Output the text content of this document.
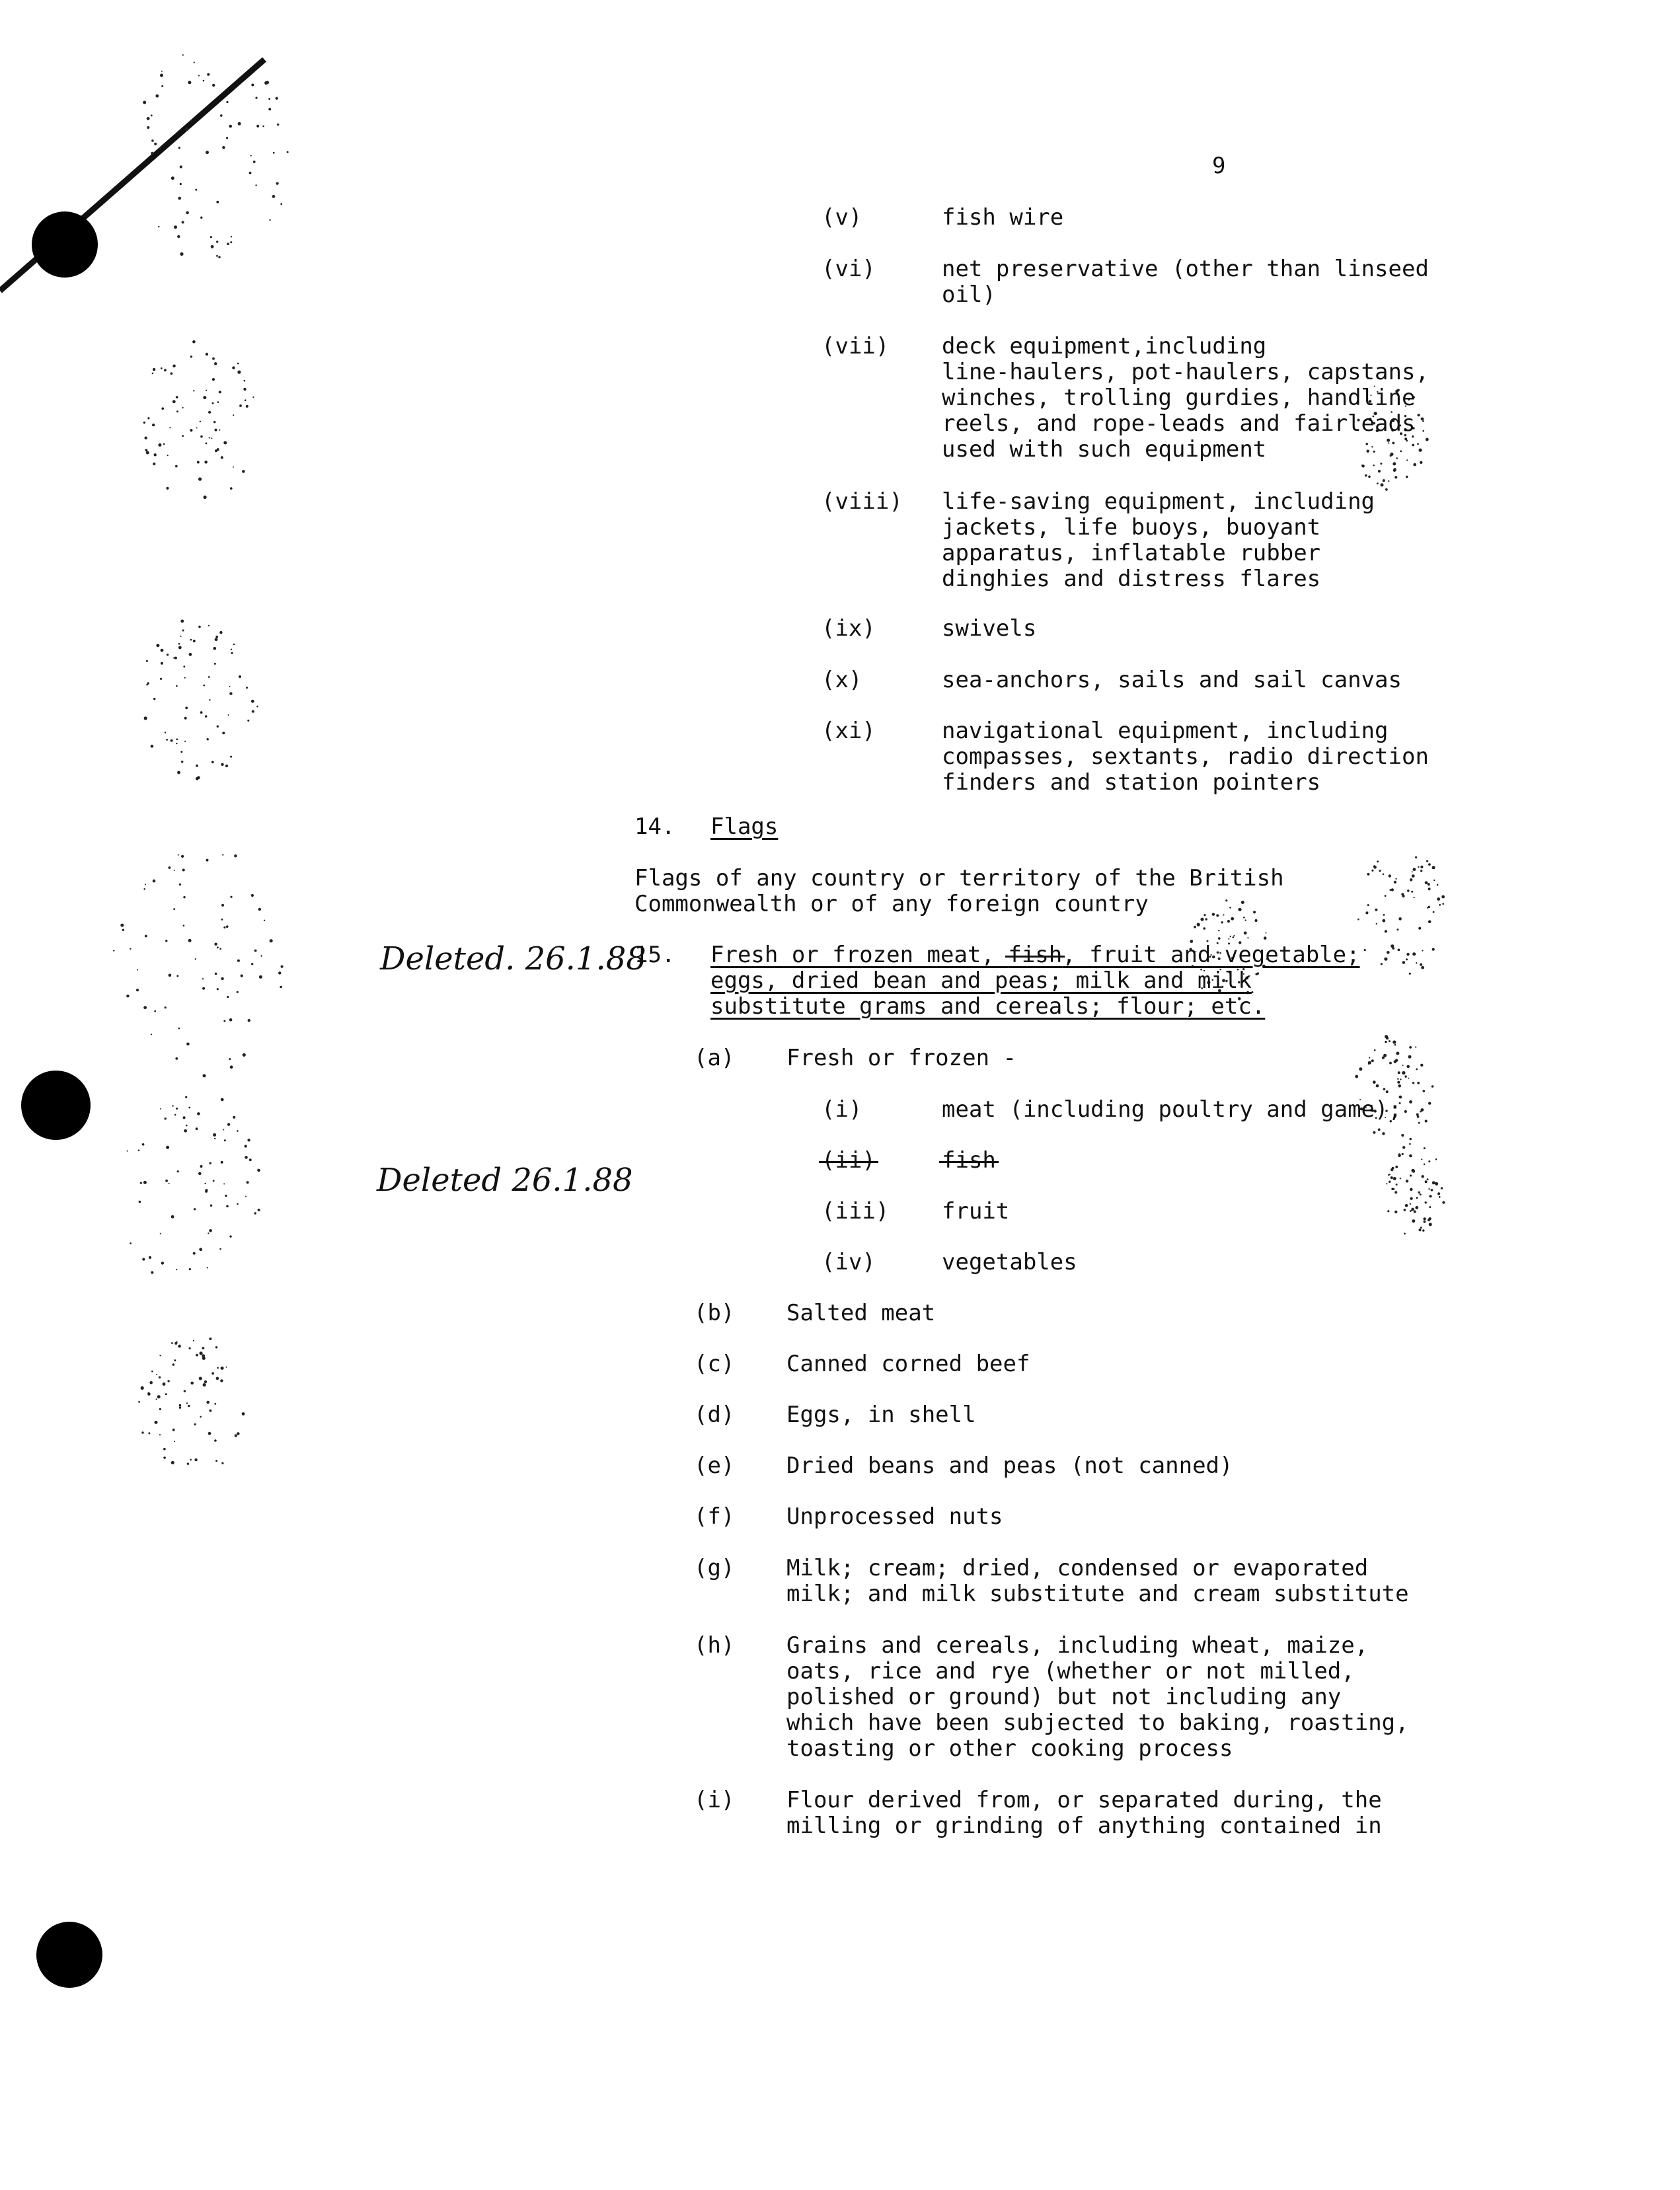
9
(v)	fish wire
(vi)	net preservative (other than linseed
oil)
(vii) deck equipment,including
line-haulers, pot-haulers, capstans,
winches, trolling gurdies, handline
reels, and rope-leads and fairleads
used with such equipment
(viii) life-saving equipment, including
jackets, life buoys, buoyant
apparatus, inflatable rubber
dinghies and distress flares
(ix)	swivels
(x)	sea-anchors, sails and sail canvas
(xi)	navigational equipment, including
compasses, sextants, radio direction
finders and station pointers
14. Flags
Flags of any country or territory of the British
Commonwealth or of any foreign country
Deleted. 26.1.88
Deleted 26.1.88
15. Fresh or frozen meat, fish, fruit and vegetable;
eggs, dried bean and peas; milk and milk
substitute grams and cereals; flour; etc.
(a) Fresh or frozen -
(i)	meat (including poultry and game);
(ii)	fish
(iii) fruit
(iv)	vegetables
(b) Salted meat
(c) Canned corned beef
(d) Eggs, in shell
(e) Dried beans and peas (not canned)
(f) Unprocessed nuts
(g) Milk; cream; dried, condensed or evaporated
milk; and milk substitute and cream substitute
(h) Grains and cereals, including wheat, maize,
oats, rice and rye (whether or not milled,
polished or ground) but not including any
which have been subjected to baking, roasting,
toasting or other cooking process
(i) Flour derived from, or separated during, the
milling or grinding of anything contained in
